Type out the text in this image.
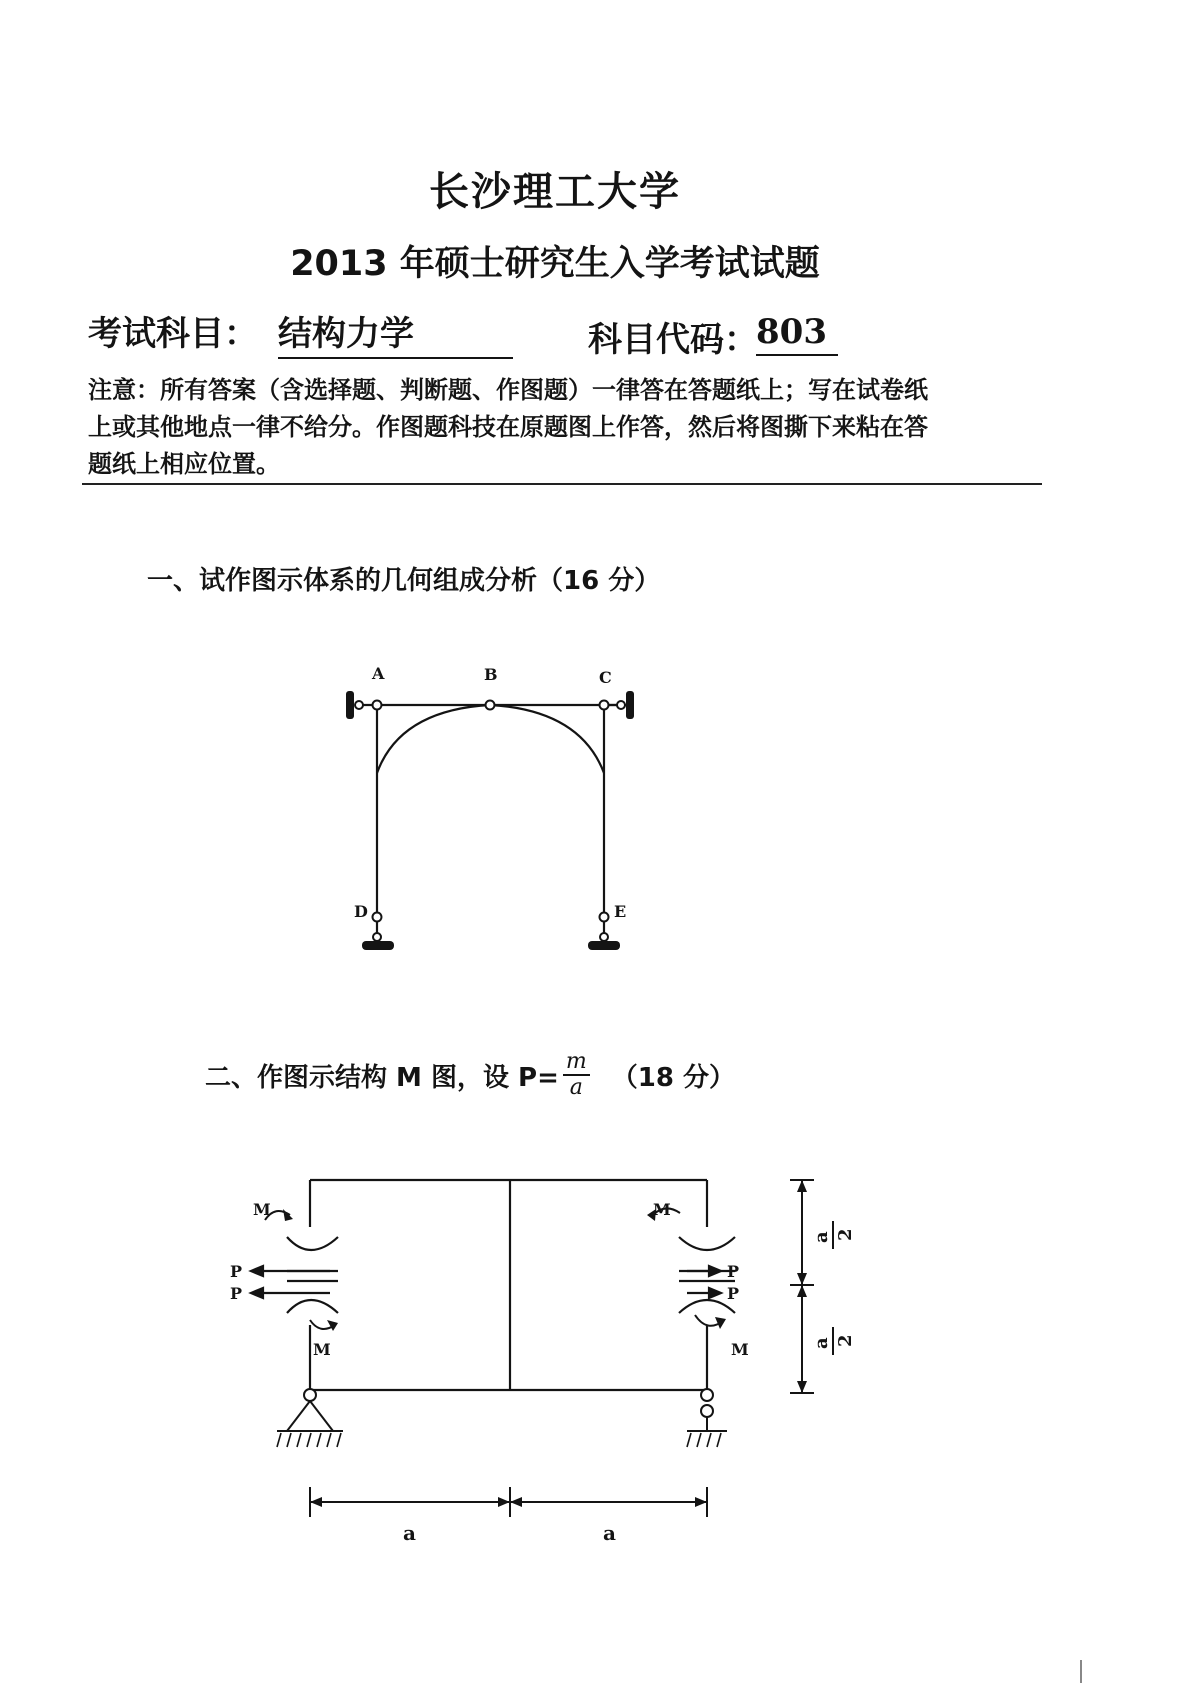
长沙理工大学
2013 年硕士研究生入学考试试题
考试科目： 结构力学	科目代码：
803
注意：所有答案（含选择题、判断题、作图题）一律答在答题纸上；写在试卷纸
上或其他地点一律不给分。作图题科技在原题图上作答，然后将图撕下来粘在答
题纸上相应位置。
一、试作图示体系的几何组成分析（16 分）
A	B	C
D	E
二、作图示结构 M 图，设 $P= \frac{m}{a} (18$ 分）
M
P
P
M
M
P
P
M
a 2
a 2
a	a
